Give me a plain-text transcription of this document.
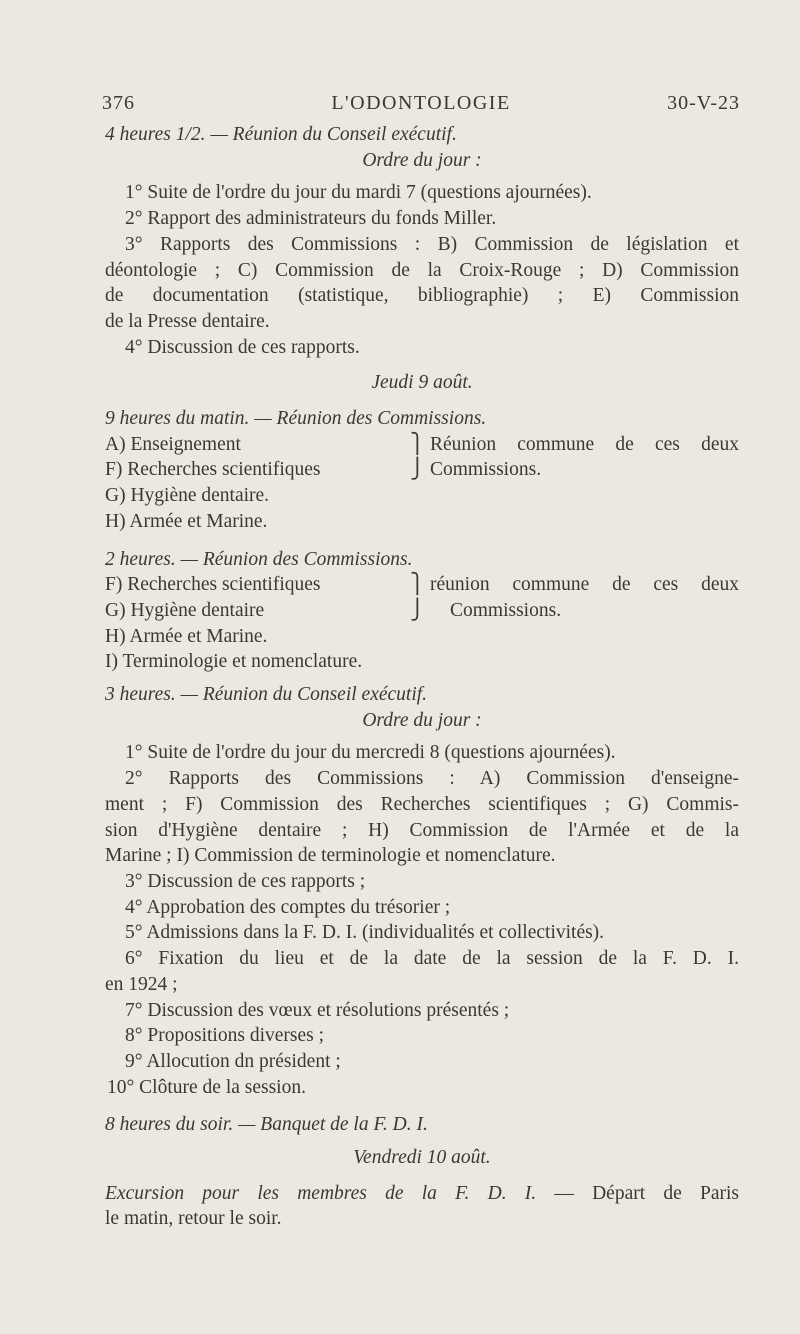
376	L'ODONTOLOGIE	30-V-23
4 heures 1/2. — Réunion du Conseil exécutif.
Ordre du jour :
1° Suite de l'ordre du jour du mardi 7 (questions ajournées).
2° Rapport des administrateurs du fonds Miller.
3° Rapports des Commissions : B) Commission de législation et
déontologie ; C) Commission de la Croix-Rouge ; D) Commission
de documentation (statistique, bibliographie) ; E) Commission
de la Presse dentaire.
4° Discussion de ces rapports.
Jeudi 9 août.
9 heures du matin. — Réunion des Commissions.
A) Enseignement	⎫ Réunion commune de ces deux
F) Recherches scientifiques	⎭ Commissions.
G) Hygiène dentaire.
H) Armée et Marine.
2 heures. — Réunion des Commissions.
F) Recherches scientifiques	⎫ réunion commune de ces deux
G) Hygiène dentaire	⎭	Commissions.
H) Armée et Marine.
I) Terminologie et nomenclature.
3 heures. — Réunion du Conseil exécutif.
Ordre du jour :
1° Suite de l'ordre du jour du mercredi 8 (questions ajournées).
2° Rapports des Commissions : A) Commission d'enseigne-
ment ; F) Commission des Recherches scientifiques ; G) Commis-
sion d'Hygiène dentaire ; H) Commission de l'Armée et de la
Marine ; I) Commission de terminologie et nomenclature.
3° Discussion de ces rapports ;
4° Approbation des comptes du trésorier ;
5° Admissions dans la F. D. I. (individualités et collectivités).
6° Fixation du lieu et de la date de la session de la F. D. I.
en 1924 ;
7° Discussion des vœux et résolutions présentés ;
8° Propositions diverses ;
9° Allocution dn président ;
10° Clôture de la session.
8 heures du soir. — Banquet de la F. D. I.
Vendredi 10 août.
Excursion pour les membres de la F. D. I. — Départ de Paris
le matin, retour le soir.
